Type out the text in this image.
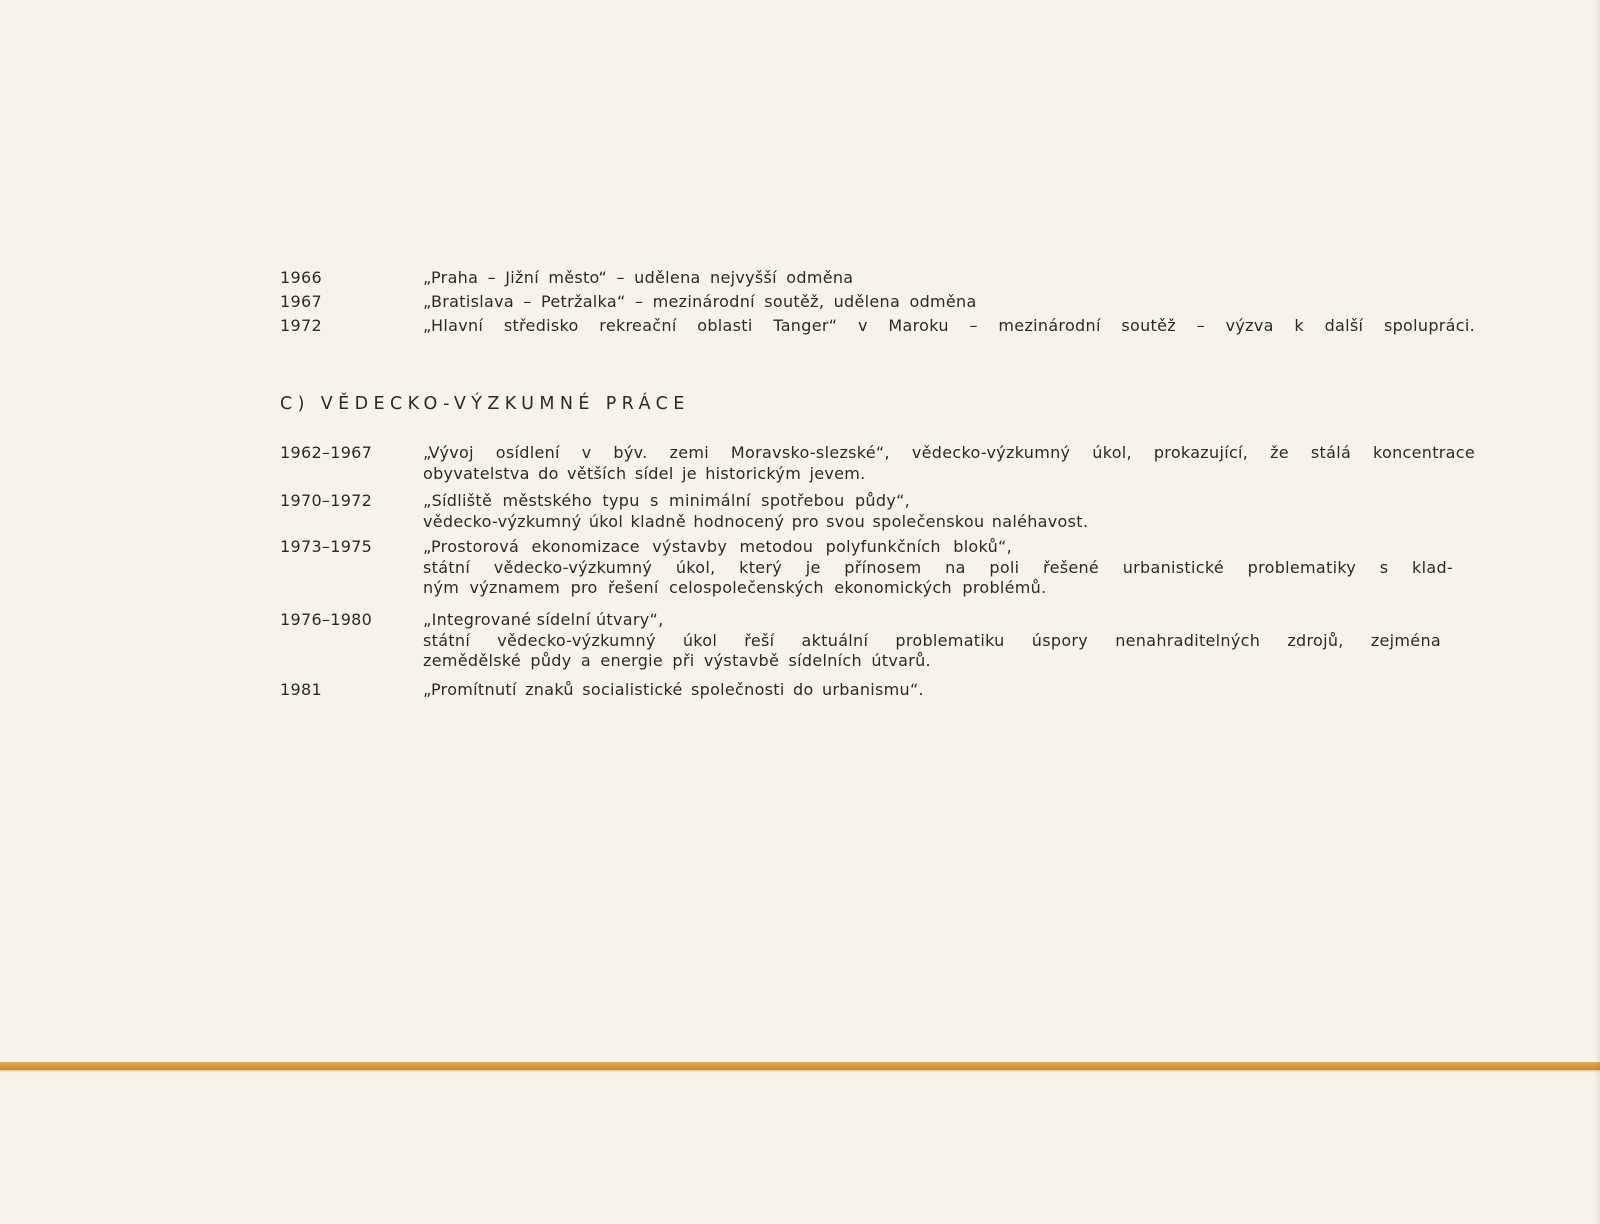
1966	„Praha – Jižní město“ – udělena nejvyšší odměna
1967	„Bratislava – Petržalka“ – mezinárodní soutěž, udělena odměna
1972	„Hlavní středisko rekreační oblasti Tanger“ v Maroku – mezinárodní soutěž – výzva k další spolupráci.
C) VĚDECKO-VÝZKUMNÉ PRÁCE
1962–1967	„Vývoj osídlení v býv. zemi Moravsko-slezské“, vědecko-výzkumný úkol, prokazující, že stálá koncentrace
obyvatelstva do větších sídel je historickým jevem.
1970–1972	„Sídliště městského typu s minimální spotřebou půdy“,
vědecko-výzkumný úkol kladně hodnocený pro svou společenskou naléhavost.
1973–1975	„Prostorová ekonomizace výstavby metodou polyfunkčních bloků“,
státní vědecko-výzkumný úkol, který je přínosem na poli řešené urbanistické problematiky s klad-
ným významem pro řešení celospolečenských ekonomických problémů.
1976–1980	„Integrované sídelní útvary“,
státní vědecko-výzkumný úkol řeší aktuální problematiku úspory nenahraditelných zdrojů, zejména
zemědělské půdy a energie při výstavbě sídelních útvarů.
1981	„Promítnutí znaků socialistické společnosti do urbanismu“.
